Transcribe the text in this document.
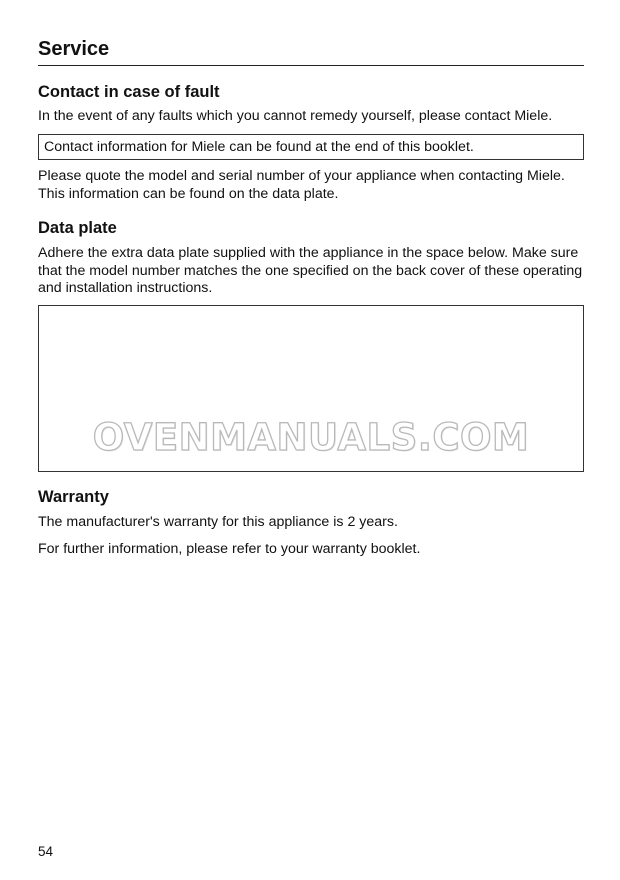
Service
Contact in case of fault

In the event of any faults which you cannot remedy yourself, please contact Miele.

Contact information for Miele can be found at the end of this booklet.

Please quote the model and serial number of your appliance when contacting Miele. This information can be found on the data plate.

Data plate

Adhere the extra data plate supplied with the appliance in the space below. Make sure that the model number matches the one specified on the back cover of these operating and installation instructions.

OVENMANUALS.COM
Warranty

The manufacturer's warranty for this appliance is 2 years.

For further information, please refer to your warranty booklet.

54
